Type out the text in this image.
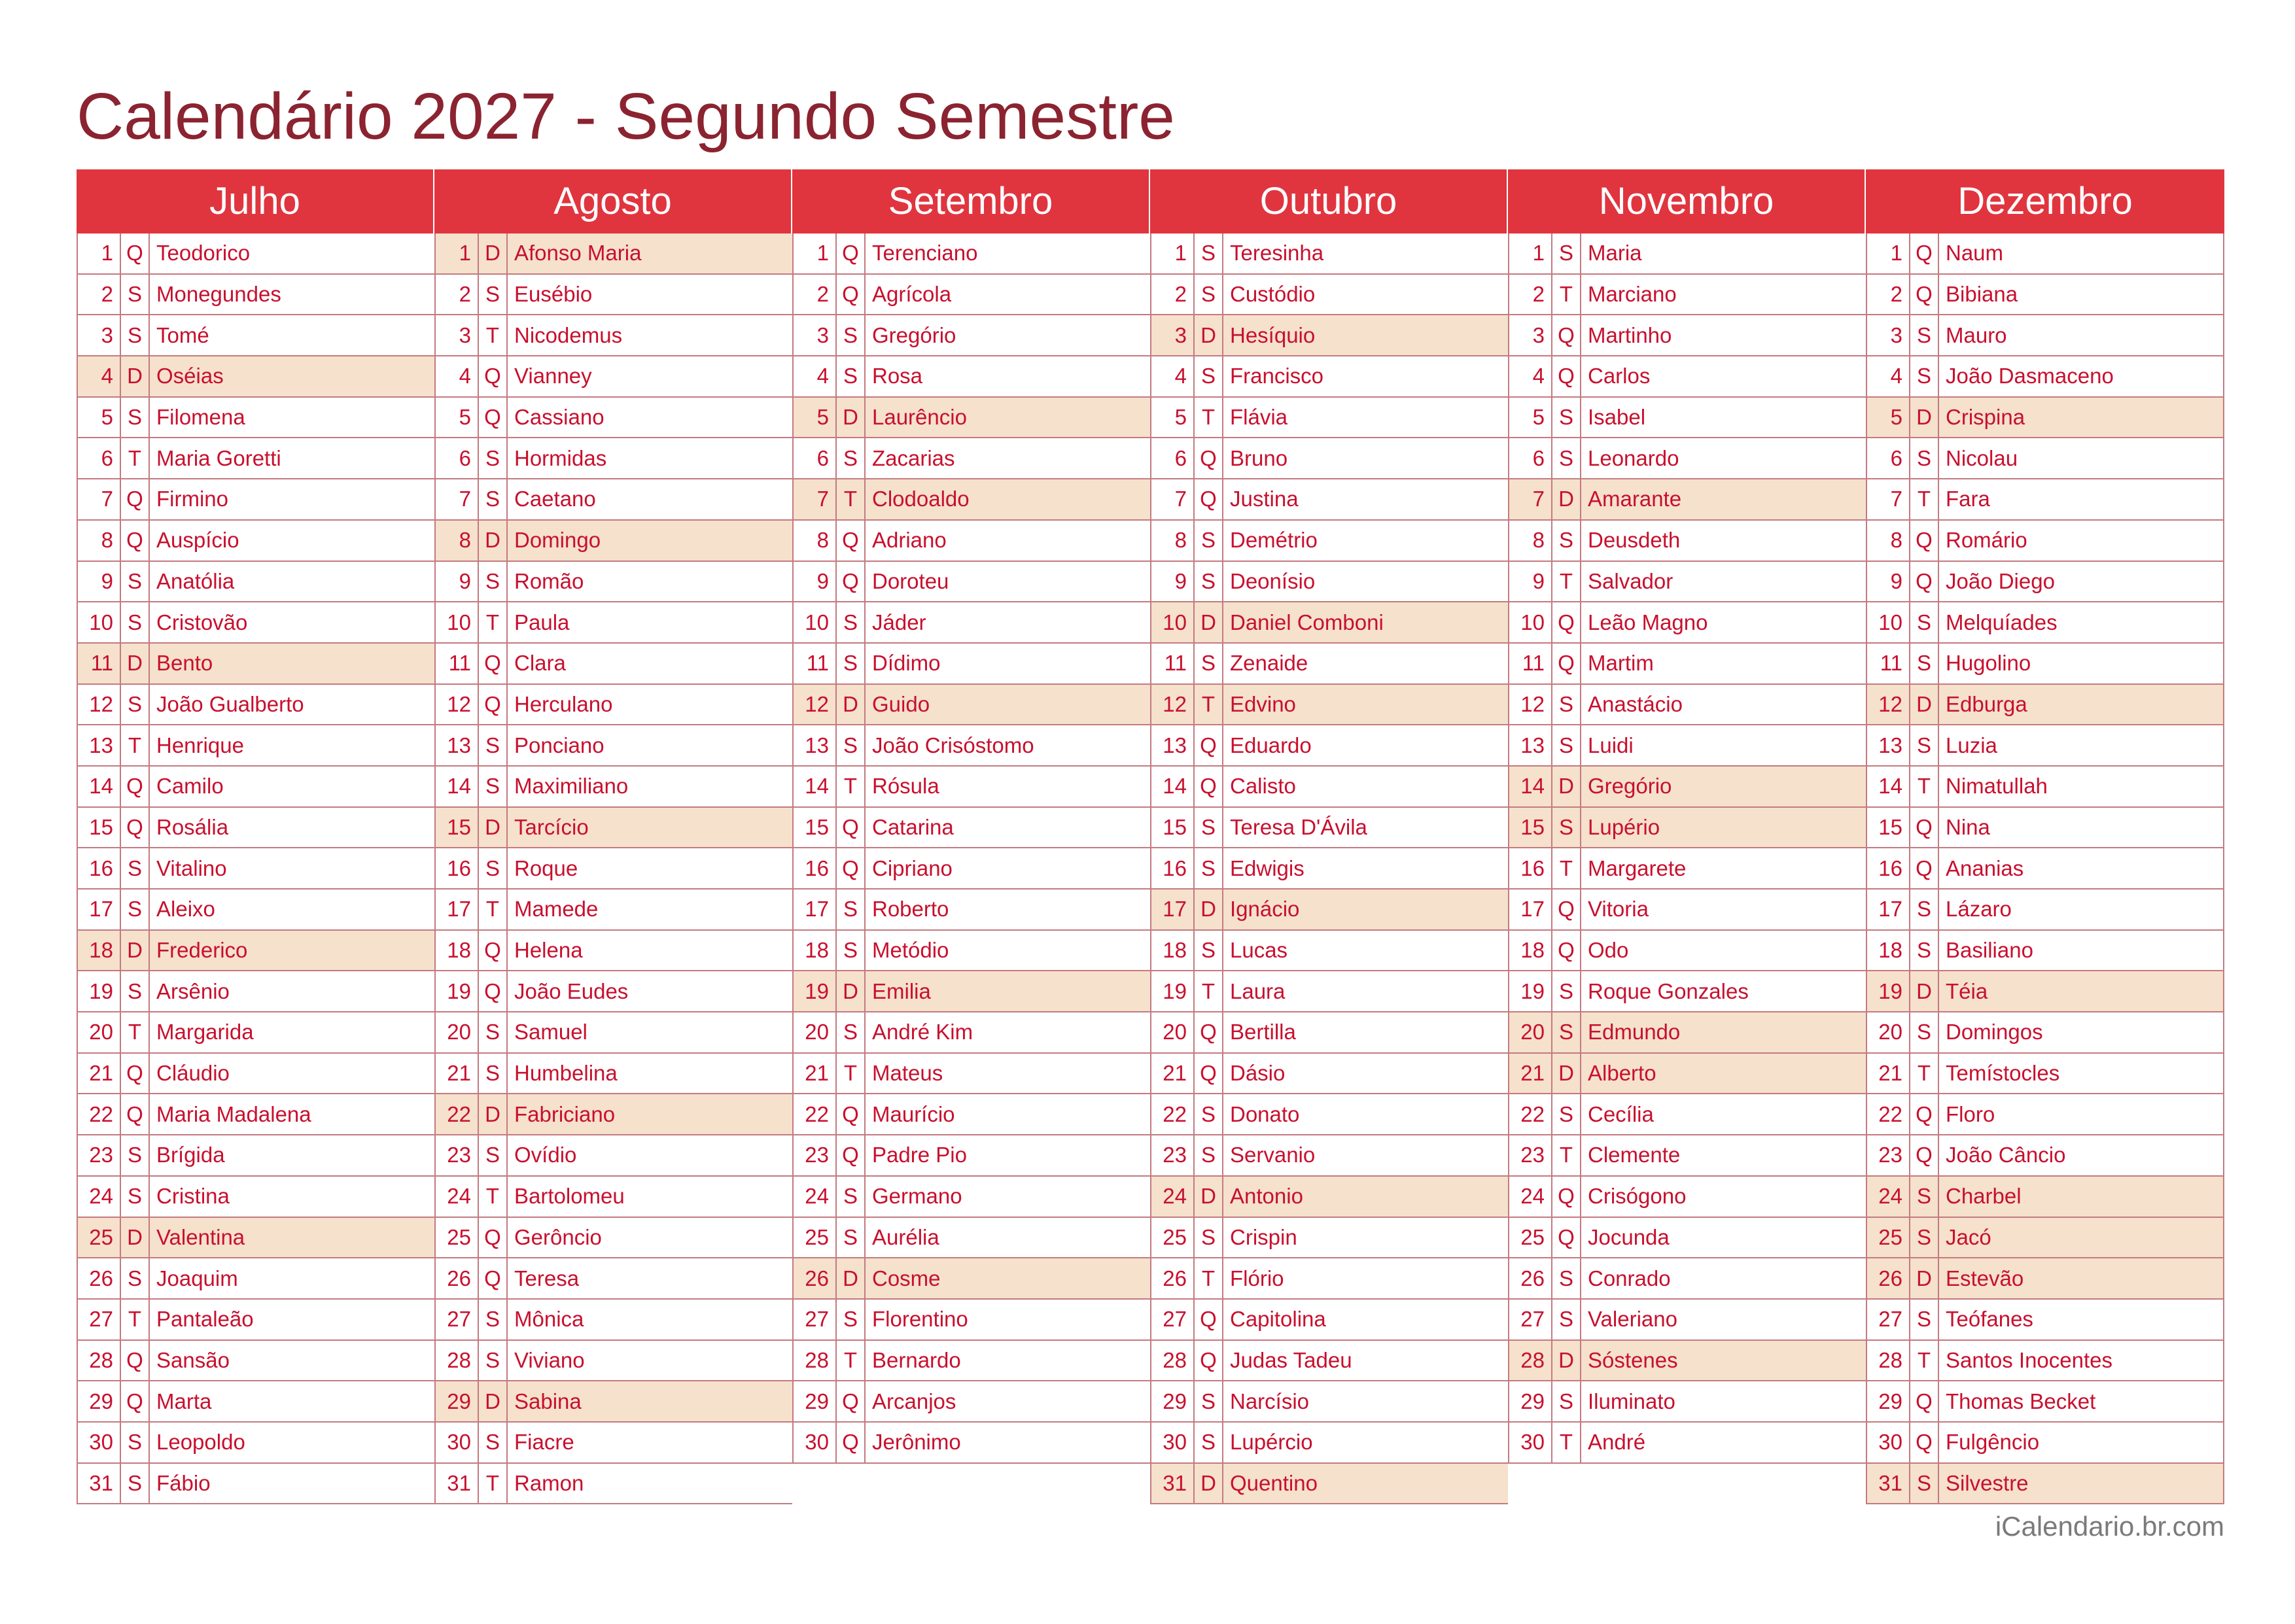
Calendário 2027 - Segundo Semestre
Julho
1 Q Teodorico
2 S Monegundes
3 S Tomé
4 D Oséias
5 S Filomena
6 T Maria Goretti
7 Q Firmino
8 Q Auspício
9 S Anatólia
10 S Cristovão
11 D Bento
12 S João Gualberto
13 T Henrique
14 Q Camilo
15 Q Rosália
16 S Vitalino
17 S Aleixo
18 D Frederico
19 S Arsênio
20 T Margarida
21 Q Cláudio
22 Q Maria Madalena
23 S Brígida
24 S Cristina
25 D Valentina
26 S Joaquim
27 T Pantaleão
28 Q Sansão
29 Q Marta
30 S Leopoldo
31 S Fábio
Agosto
1 D Afonso Maria
2 S Eusébio
3 T Nicodemus
4 Q Vianney
5 Q Cassiano
6 S Hormidas
7 S Caetano
8 D Domingo
9 S Romão
10 T Paula
11 Q Clara
12 Q Herculano
13 S Ponciano
14 S Maximiliano
15 D Tarcício
16 S Roque
17 T Mamede
18 Q Helena
19 Q João Eudes
20 S Samuel
21 S Humbelina
22 D Fabriciano
23 S Ovídio
24 T Bartolomeu
25 Q Gerôncio
26 Q Teresa
27 S Mônica
28 S Viviano
29 D Sabina
30 S Fiacre
31 T Ramon
Setembro
1 Q Terenciano
2 Q Agrícola
3 S Gregório
4 S Rosa
5 D Laurêncio
6 S Zacarias
7 T Clodoaldo
8 Q Adriano
9 Q Doroteu
10 S Jáder
11 S Dídimo
12 D Guido
13 S João Crisóstomo
14 T Rósula
15 Q Catarina
16 Q Cipriano
17 S Roberto
18 S Metódio
19 D Emilia
20 S André Kim
21 T Mateus
22 Q Maurício
23 Q Padre Pio
24 S Germano
25 S Aurélia
26 D Cosme
27 S Florentino
28 T Bernardo
29 Q Arcanjos
30 Q Jerônimo
Outubro
1 S Teresinha
2 S Custódio
3 D Hesíquio
4 S Francisco
5 T Flávia
6 Q Bruno
7 Q Justina
8 S Demétrio
9 S Deonísio
10 D Daniel Comboni
11 S Zenaide
12 T Edvino
13 Q Eduardo
14 Q Calisto
15 S Teresa D'Ávila
16 S Edwigis
17 D Ignácio
18 S Lucas
19 T Laura
20 Q Bertilla
21 Q Dásio
22 S Donato
23 S Servanio
24 D Antonio
25 S Crispin
26 T Flório
27 Q Capitolina
28 Q Judas Tadeu
29 S Narcísio
30 S Lupércio
31 D Quentino
Novembro
1 S Maria
2 T Marciano
3 Q Martinho
4 Q Carlos
5 S Isabel
6 S Leonardo
7 D Amarante
8 S Deusdeth
9 T Salvador
10 Q Leão Magno
11 Q Martim
12 S Anastácio
13 S Luidi
14 D Gregório
15 S Lupério
16 T Margarete
17 Q Vitoria
18 Q Odo
19 S Roque Gonzales
20 S Edmundo
21 D Alberto
22 S Cecília
23 T Clemente
24 Q Crisógono
25 Q Jocunda
26 S Conrado
27 S Valeriano
28 D Sóstenes
29 S Iluminato
30 T André
Dezembro
1 Q Naum
2 Q Bibiana
3 S Mauro
4 S João Dasmaceno
5 D Crispina
6 S Nicolau
7 T Fara
8 Q Romário
9 Q João Diego
10 S Melquíades
11 S Hugolino
12 D Edburga
13 S Luzia
14 T Nimatullah
15 Q Nina
16 Q Ananias
17 S Lázaro
18 S Basiliano
19 D Téia
20 S Domingos
21 T Temístocles
22 Q Floro
23 Q João Câncio
24 S Charbel
25 S Jacó
26 D Estevão
27 S Teófanes
28 T Santos Inocentes
29 Q Thomas Becket
30 Q Fulgêncio
31 S Silvestre
iCalendario.br.com
